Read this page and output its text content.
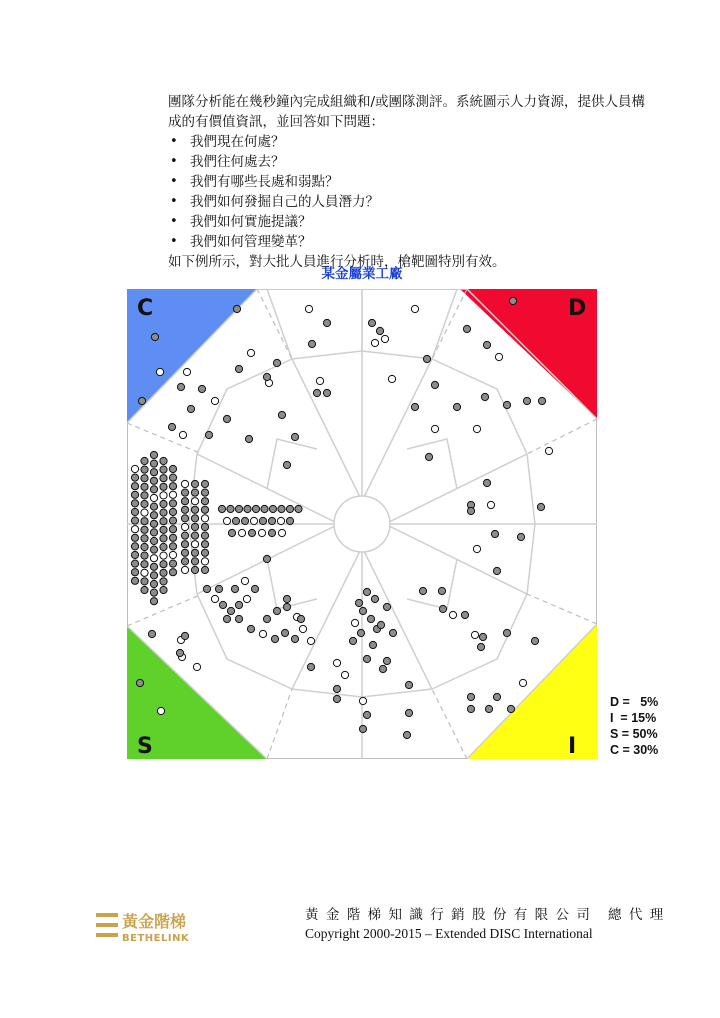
團隊分析能在幾秒鐘內完成組織和/或團隊測評。系統圖示人力資源，提供人員構成的有價值資訊，並回答如下問題：

• 我們現在何處？
• 我們往何處去？
• 我們有哪些長處和弱點？
• 我們如何發掘自己的人員潛力？
• 我們如何實施提議？
• 我們如何管理變革？

如下例所示，對大批人員進行分析時，槍靶圖特別有效。

某金屬業工廠
C	D
S	I
D =   5%
I  = 15%
S = 50%
C = 30%
黃金階梯
BETHELINK
黃 金 階 梯 知 識 行 銷 股 份 有 限 公 司   總 代 理
Copyright 2000-2015 – Extended DISC International
